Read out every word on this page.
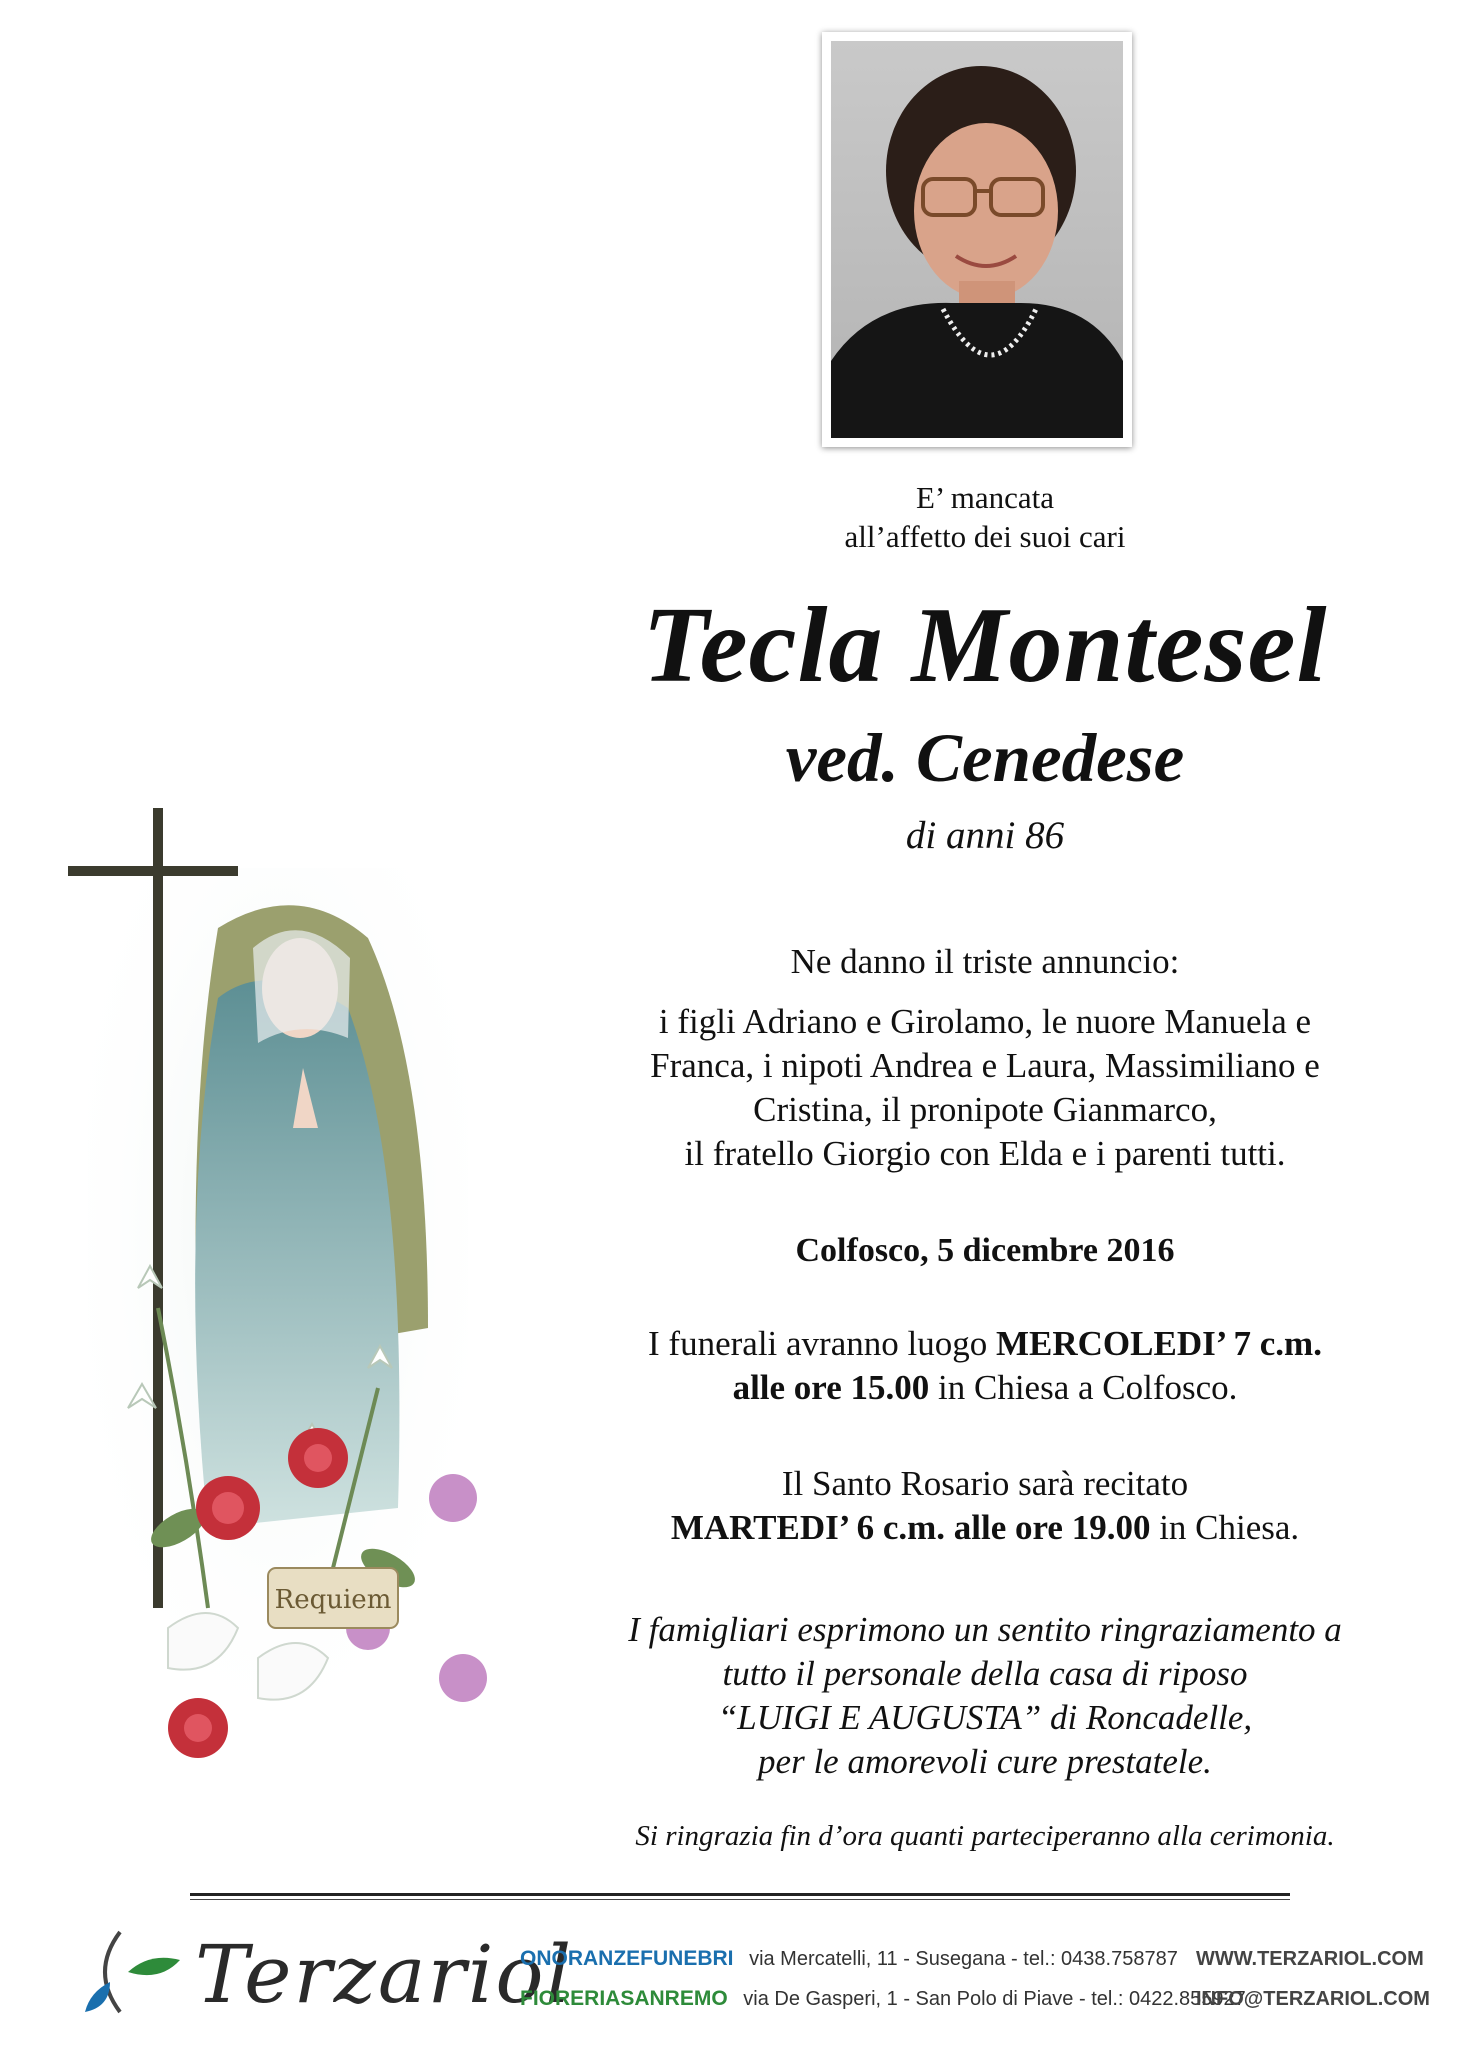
E’ mancata
all’affetto dei suoi cari
Tecla Montesel
ved. Cenedese
di anni 86
Ne danno il triste annuncio:
i figli Adriano e Girolamo, le nuore Manuela e
Franca, i nipoti Andrea e Laura, Massimiliano e
Cristina, il pronipote Gianmarco,
il fratello Giorgio con Elda e i parenti tutti.
Colfosco, 5 dicembre 2016
I funerali avranno luogo MERCOLEDI’ 7 c.m.
alle ore 15.00 in Chiesa a Colfosco.
Il Santo Rosario sarà recitato
MARTEDI’ 6 c.m. alle ore 19.00 in Chiesa.
I famigliari esprimono un sentito ringraziamento a
tutto il personale della casa di riposo
“LUIGI E AUGUSTA” di Roncadelle,
per le amorevoli cure prestatele.
Si ringrazia fin d’ora quanti parteciperanno alla cerimonia.
Requiem
Terzariol
ONORANZEFUNEBRI via Mercatelli, 11 - Susegana - tel.: 0438.758787
FIORERIASANREMO via De Gasperi, 1 - San Polo di Piave - tel.: 0422.855927
WWW.TERZARIOL.COM
INFO@TERZARIOL.COM
